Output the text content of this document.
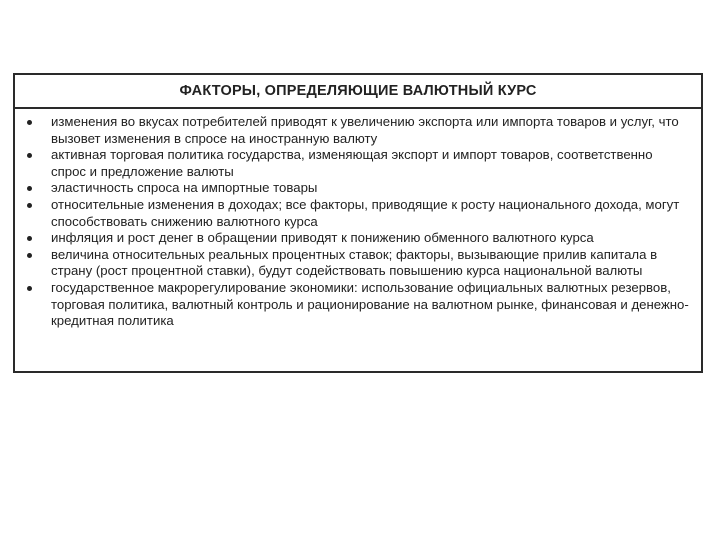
ФАКТОРЫ, ОПРЕДЕЛЯЮЩИЕ ВАЛЮТНЫЙ КУРС
изменения во вкусах потребителей приводят к увеличению экспорта или импорта товаров и услуг, что вызовет изменения в спросе на иностранную валюту
активная торговая политика государства, изменяющая экспорт и импорт товаров, соответственно спрос и предложение валюты
эластичность спроса на импортные товары
относительные изменения в доходах; все факторы, приводящие к росту национального дохода, могут способствовать снижению валютного курса
инфляция и рост денег в обращении приводят к понижению обменного валютного курса
величина относительных реальных процентных ставок; факторы, вызывающие прилив капитала в страну (рост процентной ставки), будут содействовать повышению курса национальной валюты
государственное макрорегулирование экономики: использование официальных валютных резервов, торговая политика, валютный контроль и рационирование на валютном рынке, финансовая и денежно-кредитная политика
